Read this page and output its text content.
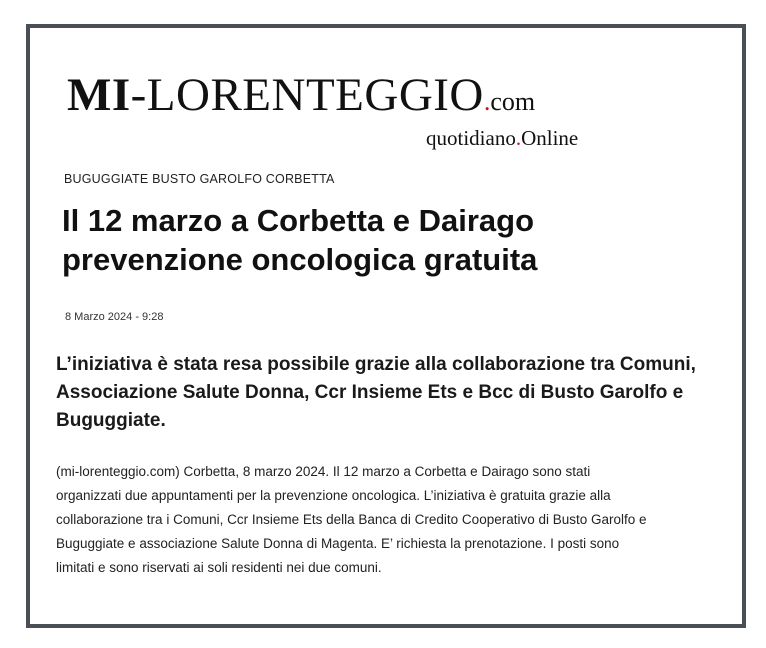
MI-LORENTEGGIO.com
quotidiano.Online
BUGUGGIATE BUSTO GAROLFO CORBETTA
Il 12 marzo a Corbetta e Dairago prevenzione oncologica gratuita
8 Marzo 2024 - 9:28

L’iniziativa è stata resa possibile grazie alla collaborazione tra Comuni, Associazione Salute Donna, Ccr Insieme Ets e Bcc di Busto Garolfo e Buguggiate.

(mi-lorenteggio.com) Corbetta, 8 marzo 2024. Il 12 marzo a Corbetta e Dairago sono stati
organizzati due appuntamenti per la prevenzione oncologica. L’iniziativa è gratuita grazie alla
collaborazione tra i Comuni, Ccr Insieme Ets della Banca di Credito Cooperativo di Busto Garolfo e
Buguggiate e associazione Salute Donna di Magenta. E’ richiesta la prenotazione. I posti sono
limitati e sono riservati ai soli residenti nei due comuni.
